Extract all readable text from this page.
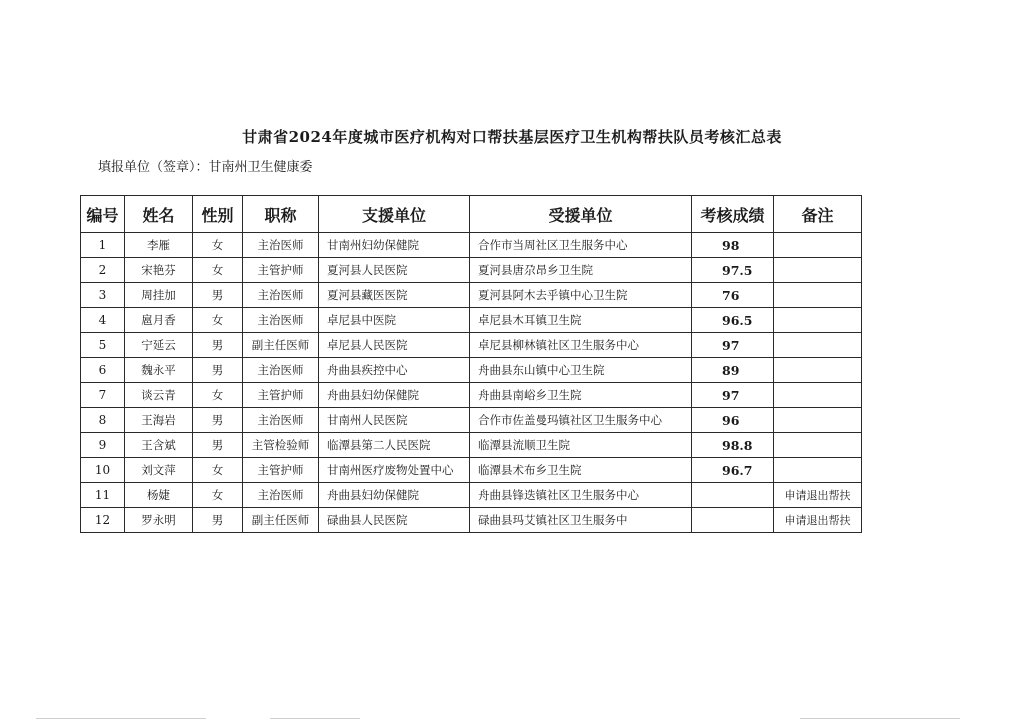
甘肃省2024年度城市医疗机构对口帮扶基层医疗卫生机构帮扶队员考核汇总表
填报单位（签章）：甘南州卫生健康委
编号	姓名	性别	职称	支援单位	受援单位	考核成绩	备注
1	李雁	女	主治医师	甘南州妇幼保健院	合作市当周社区卫生服务中心	98	
2	宋艳芬	女	主管护师	夏河县人民医院	夏河县唐尕昂乡卫生院	97.5	
3	周挂加	男	主治医师	夏河县藏医医院	夏河县阿木去乎镇中心卫生院	76	
4	扈月香	女	主治医师	卓尼县中医院	卓尼县木耳镇卫生院	96.5	
5	宁延云	男	副主任医师	卓尼县人民医院	卓尼县柳林镇社区卫生服务中心	97	
6	魏永平	男	主治医师	舟曲县疾控中心	舟曲县东山镇中心卫生院	89	
7	谈云青	女	主管护师	舟曲县妇幼保健院	舟曲县南峪乡卫生院	97	
8	王海岩	男	主治医师	甘南州人民医院	合作市佐盖曼玛镇社区卫生服务中心	96	
9	王含斌	男	主管检验师	临潭县第二人民医院	临潭县流顺卫生院	98.8	
10	刘文萍	女	主管护师	甘南州医疗废物处置中心	临潭县术布乡卫生院	96.7	
11	杨婕	女	主治医师	舟曲县妇幼保健院	舟曲县锋迭镇社区卫生服务中心		申请退出帮扶
12	罗永明	男	副主任医师	碌曲县人民医院	碌曲县玛艾镇社区卫生服务中		申请退出帮扶
